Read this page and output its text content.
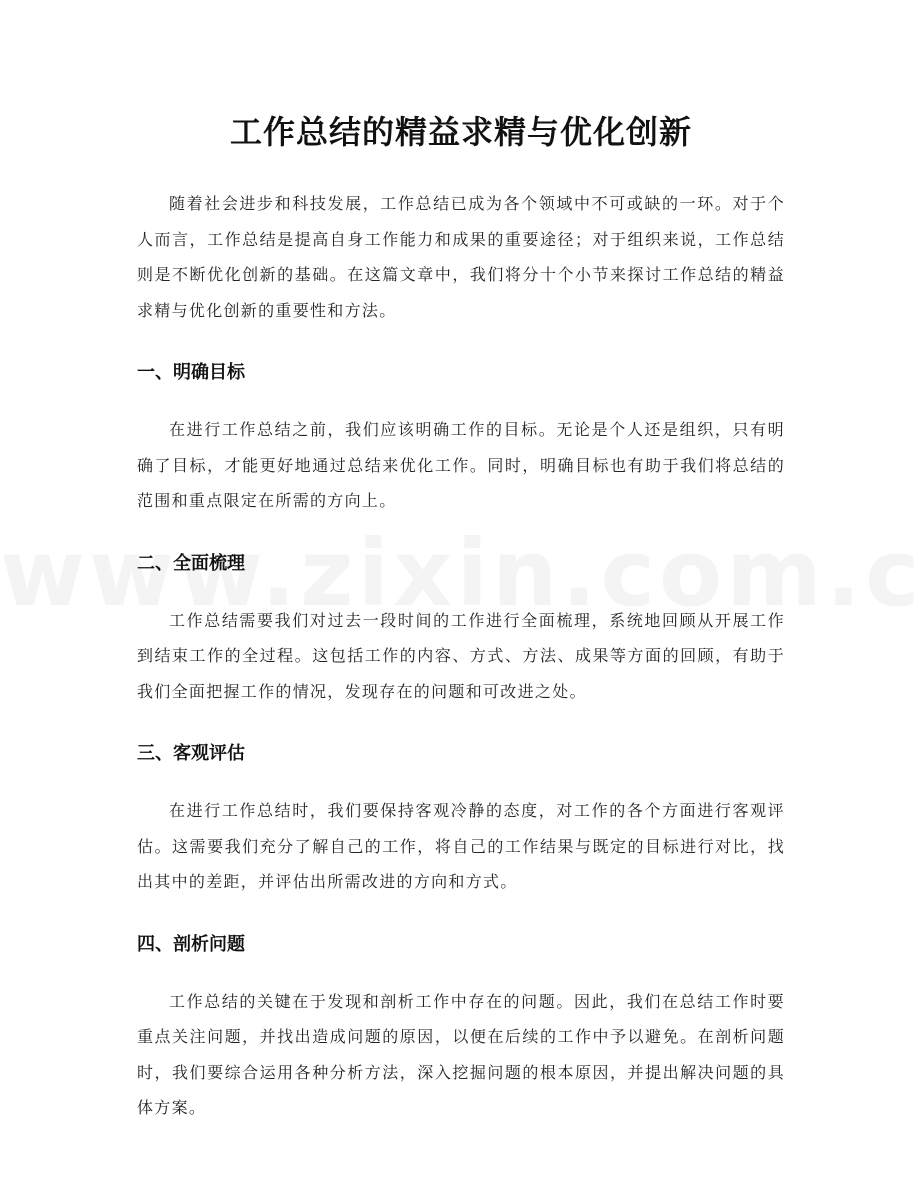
工作总结的精益求精与优化创新

随着社会进步和科技发展，工作总结已成为各个领域中不可或缺的一环。对于个人而言，工作总结是提高自身工作能力和成果的重要途径；对于组织来说，工作总结则是不断优化创新的基础。在这篇文章中，我们将分十个小节来探讨工作总结的精益求精与优化创新的重要性和方法。

一、明确目标

在进行工作总结之前，我们应该明确工作的目标。无论是个人还是组织，只有明确了目标，才能更好地通过总结来优化工作。同时，明确目标也有助于我们将总结的范围和重点限定在所需的方向上。

二、全面梳理

工作总结需要我们对过去一段时间的工作进行全面梳理，系统地回顾从开展工作到结束工作的全过程。这包括工作的内容、方式、方法、成果等方面的回顾，有助于我们全面把握工作的情况，发现存在的问题和可改进之处。

三、客观评估

在进行工作总结时，我们要保持客观冷静的态度，对工作的各个方面进行客观评估。这需要我们充分了解自己的工作，将自己的工作结果与既定的目标进行对比，找出其中的差距，并评估出所需改进的方向和方式。

四、剖析问题

工作总结的关键在于发现和剖析工作中存在的问题。因此，我们在总结工作时要重点关注问题，并找出造成问题的原因，以便在后续的工作中予以避免。在剖析问题时，我们要综合运用各种分析方法，深入挖掘问题的根本原因，并提出解决问题的具体方案。
